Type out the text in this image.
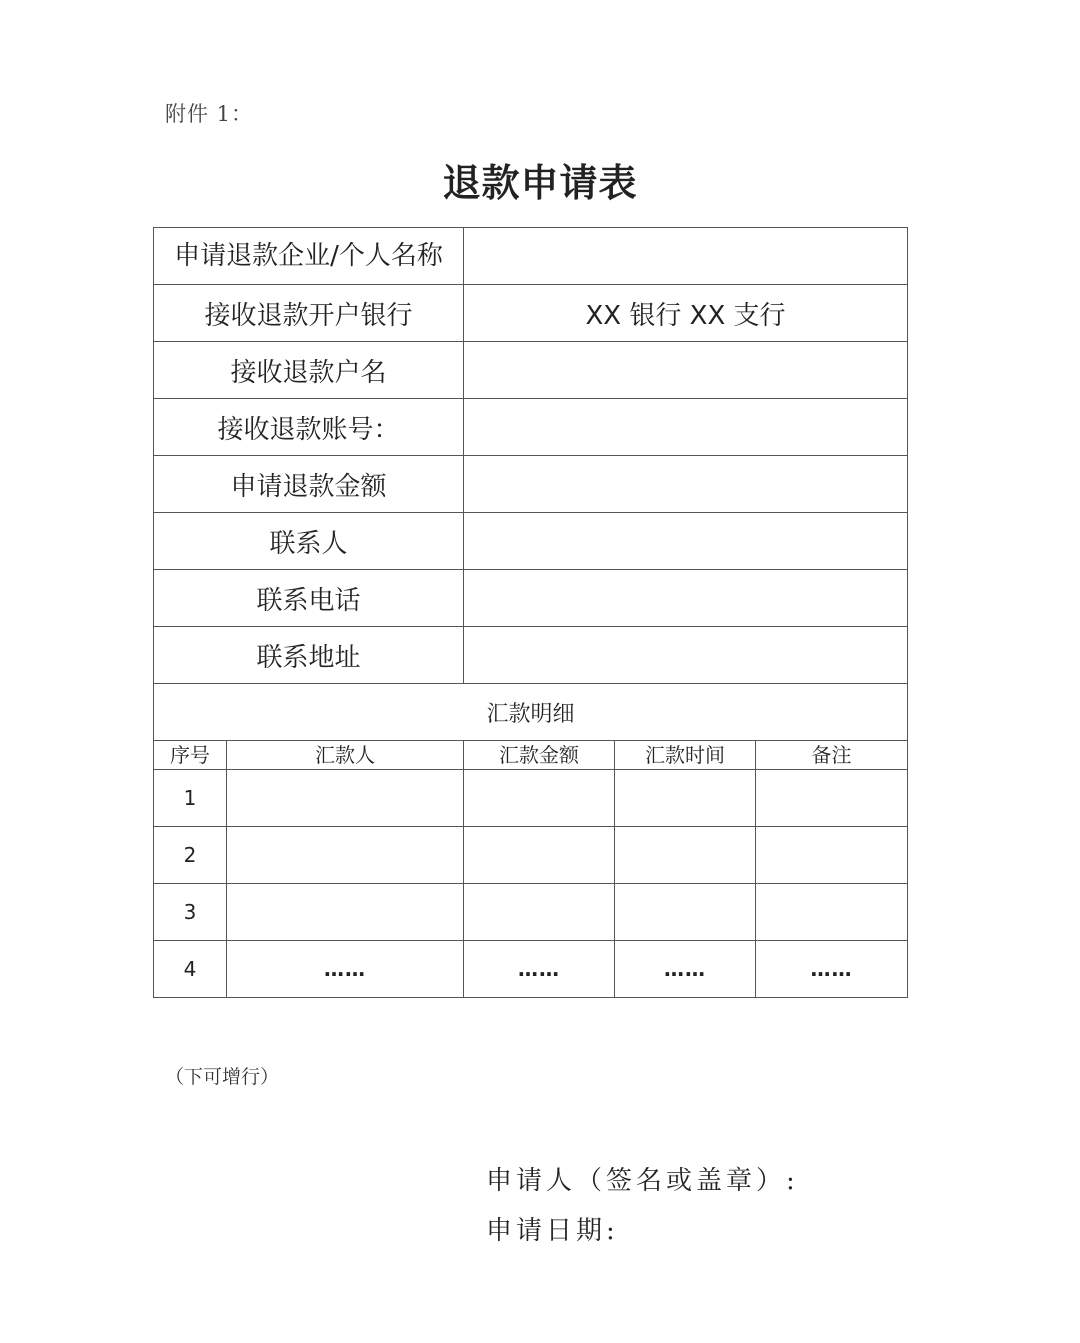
附件 1：
退款申请表
申请退款企业/个人名称				
接收退款开户银行		XX 银行 XX 支行		
接收退款户名				
接收退款账号：				
申请退款金额				
联系人				
联系电话				
联系地址				
汇款明细				
序号	汇款人	汇款金额	汇款时间	备注
1				
2				
3				
4	……	……	……	……
（下可增行）
申请人（签名或盖章）:
申请日期:
